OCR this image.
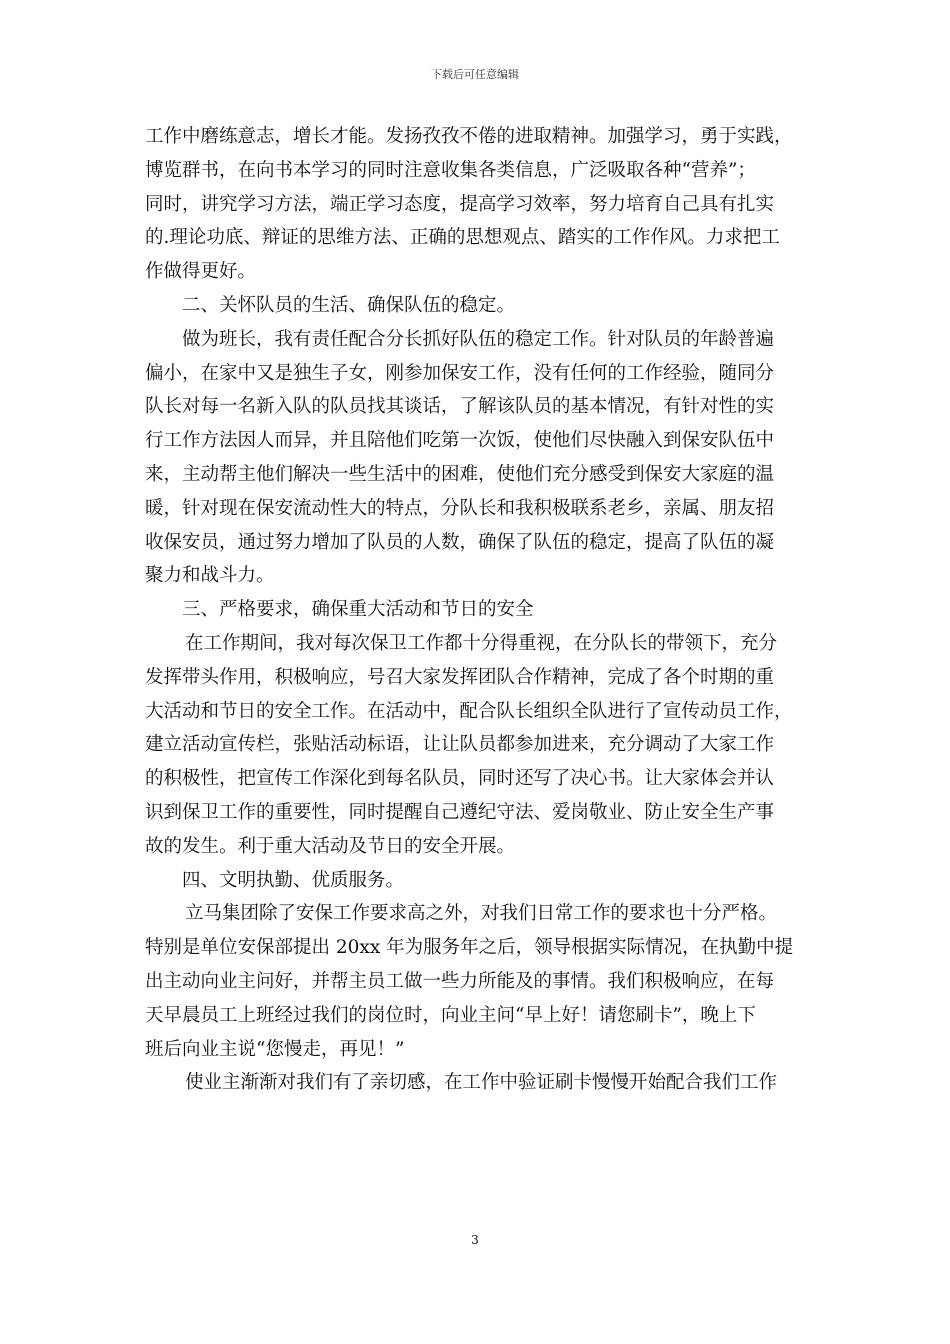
下载后可任意编辑
工作中磨练意志，增长才能。发扬孜孜不倦的进取精神。加强学习，勇于实践，
博览群书，在向书本学习的同时注意收集各类信息，广泛吸取各种“营养”；
同时，讲究学习方法，端正学习态度，提高学习效率，努力培育自己具有扎实
的.理论功底、辩证的思维方法、正确的思想观点、踏实的工作作风。力求把工
作做得更好。
二、关怀队员的生活、确保队伍的稳定。
做为班长，我有责任配合分长抓好队伍的稳定工作。针对队员的年龄普遍
偏小，在家中又是独生子女，刚参加保安工作，没有任何的工作经验，随同分
队长对每一名新入队的队员找其谈话，了解该队员的基本情况，有针对性的实
行工作方法因人而异，并且陪他们吃第一次饭，使他们尽快融入到保安队伍中
来，主动帮主他们解决一些生活中的困难，使他们充分感受到保安大家庭的温
暖，针对现在保安流动性大的特点，分队长和我积极联系老乡，亲属、朋友招
收保安员，通过努力增加了队员的人数，确保了队伍的稳定，提高了队伍的凝
聚力和战斗力。
三、严格要求，确保重大活动和节日的安全
在工作期间，我对每次保卫工作都十分得重视，在分队长的带领下，充分
发挥带头作用，积极响应，号召大家发挥团队合作精神，完成了各个时期的重
大活动和节日的安全工作。在活动中，配合队长组织全队进行了宣传动员工作，
建立活动宣传栏，张贴活动标语，让让队员都参加进来，充分调动了大家工作
的积极性，把宣传工作深化到每名队员，同时还写了决心书。让大家体会并认
识到保卫工作的重要性，同时提醒自己遵纪守法、爱岗敬业、防止安全生产事
故的发生。利于重大活动及节日的安全开展。
四、文明执勤、优质服务。
立马集团除了安保工作要求高之外，对我们日常工作的要求也十分严格。
特别是单位安保部提出 20xx 年为服务年之后，领导根据实际情况，在执勤中提
出主动向业主问好，并帮主员工做一些力所能及的事情。我们积极响应，在每
天早晨员工上班经过我们的岗位时，向业主问“早上好！请您刷卡”，晚上下
班后向业主说“您慢走，再见！”
使业主渐渐对我们有了亲切感，在工作中验证刷卡慢慢开始配合我们工作
3
